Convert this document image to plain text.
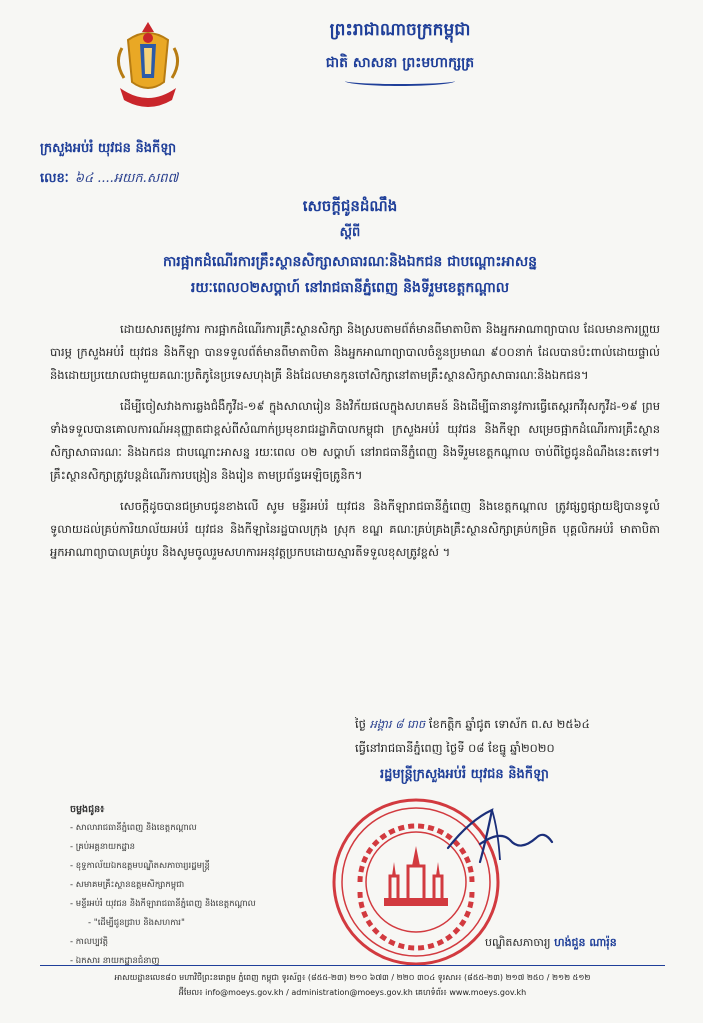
ព្រះរាជាណាចក្រកម្ពុជា
ជាតិ សាសនា ព្រះមហាក្សត្រ
ក្រសួងអប់រំ យុវជន និងកីឡា
លេខៈ ៦៤ ....អយក.សព៧
សេចក្តីជូនដំណឹង
ស្តីពី
ការផ្អាកដំណើរការគ្រឹះស្ថានសិក្សាសាធារណៈនិងឯកជន ជាបណ្តោះអាសន្ន
រយៈពេល០២សប្តាហ៍ នៅរាជធានីភ្នំពេញ និងទីរួមខេត្តកណ្តាល

ដោយសារតម្រូវការ ការផ្អាកដំណើរការគ្រឹះស្ថានសិក្សា និងស្របតាមព័ត៌មានពីមាតាបិតា និងអ្នកអាណាព្យាបាល ដែលមានការព្រួយបារម្ភ ក្រសួងអប់រំ យុវជន និងកីឡា បានទទួលព័ត៌មានពីមាតាបិតា និងអ្នកអាណាព្យាបាលចំនួនប្រមាណ ៩០០នាក់ ដែលបានប៉ះពាល់ដោយផ្ទាល់ និងដោយប្រយោលជាមួយគណៈប្រតិភូនៃប្រទេសហុងគ្រី និងដែលមានកូនចៅសិក្សានៅតាមគ្រឹះស្ថានសិក្សាសាធារណៈនិងឯកជន។

ដើម្បីចៀសវាងការឆ្លងជំងឺកូវីដ-១៩ ក្នុងសាលារៀន និងវិក័យផលក្នុងសហគមន៍ និងដើម្បីធានានូវការធ្វើតេស្តរកវីរុសកូវីដ-១៩ ព្រមទាំងទទួលបានគោលការណ៍អនុញ្ញាតជាខ្ពស់ពីសំណាក់ប្រមុខរាជរដ្ឋាភិបាលកម្ពុជា ក្រសួងអប់រំ យុវជន និងកីឡា សម្រេចផ្អាកដំណើរការគ្រឹះស្ថានសិក្សាសាធារណៈ និងឯកជន ជាបណ្តោះអាសន្ន រយៈពេល ០២ សប្តាហ៍ នៅរាជធានីភ្នំពេញ និងទីរួមខេត្តកណ្តាល ចាប់ពីថ្ងៃជូនដំណឹងនេះតទៅ។ គ្រឹះស្ថានសិក្សាត្រូវបន្តដំណើរការបង្រៀន និងរៀន តាមប្រព័ន្ធអេឡិចត្រូនិក។

សេចក្តីដូចបានជម្រាបជូនខាងលើ សូម មន្ទីរអប់រំ យុវជន និងកីឡារាជធានីភ្នំពេញ និងខេត្តកណ្តាល ត្រូវផ្សព្វផ្សាយឱ្យបានទូលំទូលាយដល់គ្រប់ការិយាល័យអប់រំ យុវជន និងកីឡានៃរដ្ឋបាលក្រុង ស្រុក ខណ្ឌ គណៈគ្រប់គ្រងគ្រឹះស្ថានសិក្សាគ្រប់កម្រិត បុគ្គលិកអប់រំ មាតាបិតា អ្នកអាណាព្យាបាលគ្រប់រូប និងសូមចូលរួមសហការអនុវត្តប្រកបដោយស្មារតីទទួលខុសត្រូវខ្ពស់ ។

ថ្ងៃ អង្គារ ៨ រោច ខែកត្តិក ឆ្នាំជូត ទោស័ក ព.ស ២៥៦៤
ធ្វើនៅរាជធានីភ្នំពេញ ថ្ងៃទី ០៨ ខែធ្នូ ឆ្នាំ២០២០
រដ្ឋមន្ត្រីក្រសួងអប់រំ យុវជន និងកីឡា
ចម្លងជូន៖
- សាលារាជធានីភ្នំពេញ និងខេត្តកណ្តាល
- គ្រប់អគ្គនាយកដ្ឋាន
- ខុទ្ទកាល័យឯកឧត្តមបណ្ឌិតសភាចារ្យរដ្ឋមន្ត្រី
- សមាគមគ្រឹះស្ថានឧត្តមសិក្សាកម្ពុជា
- មន្ទីរអប់រំ យុវជន និងកីឡារាជធានីភ្នំពេញ និងខេត្តកណ្តាល
- "ដើម្បីជូនជ្រាប និងសហការ"
- កាលប្បវត្តិ
- ឯកសារ នាយកដ្ឋានជំនាញ
បណ្ឌិតសភាចារ្យ ហង់ជួន ណារ៉ុន
អាសយដ្ឋានលេខ៨០ មហាវិថីព្រះនរោត្តម ភ្នំពេញ កម្ពុជា ទូរស័ព្ទ៖ (៨៥៥-២៣) ២១០ ៦៧៣ / ២២០ ៣០៤ ទូរសារ៖ (៨៥៥-២៣) ២១៧ ២៥០ / ២១២ ៥១២
អ៊ីមែល៖ info@moeys.gov.kh / administration@moeys.gov.kh គេហទំព័រ៖ www.moeys.gov.kh
